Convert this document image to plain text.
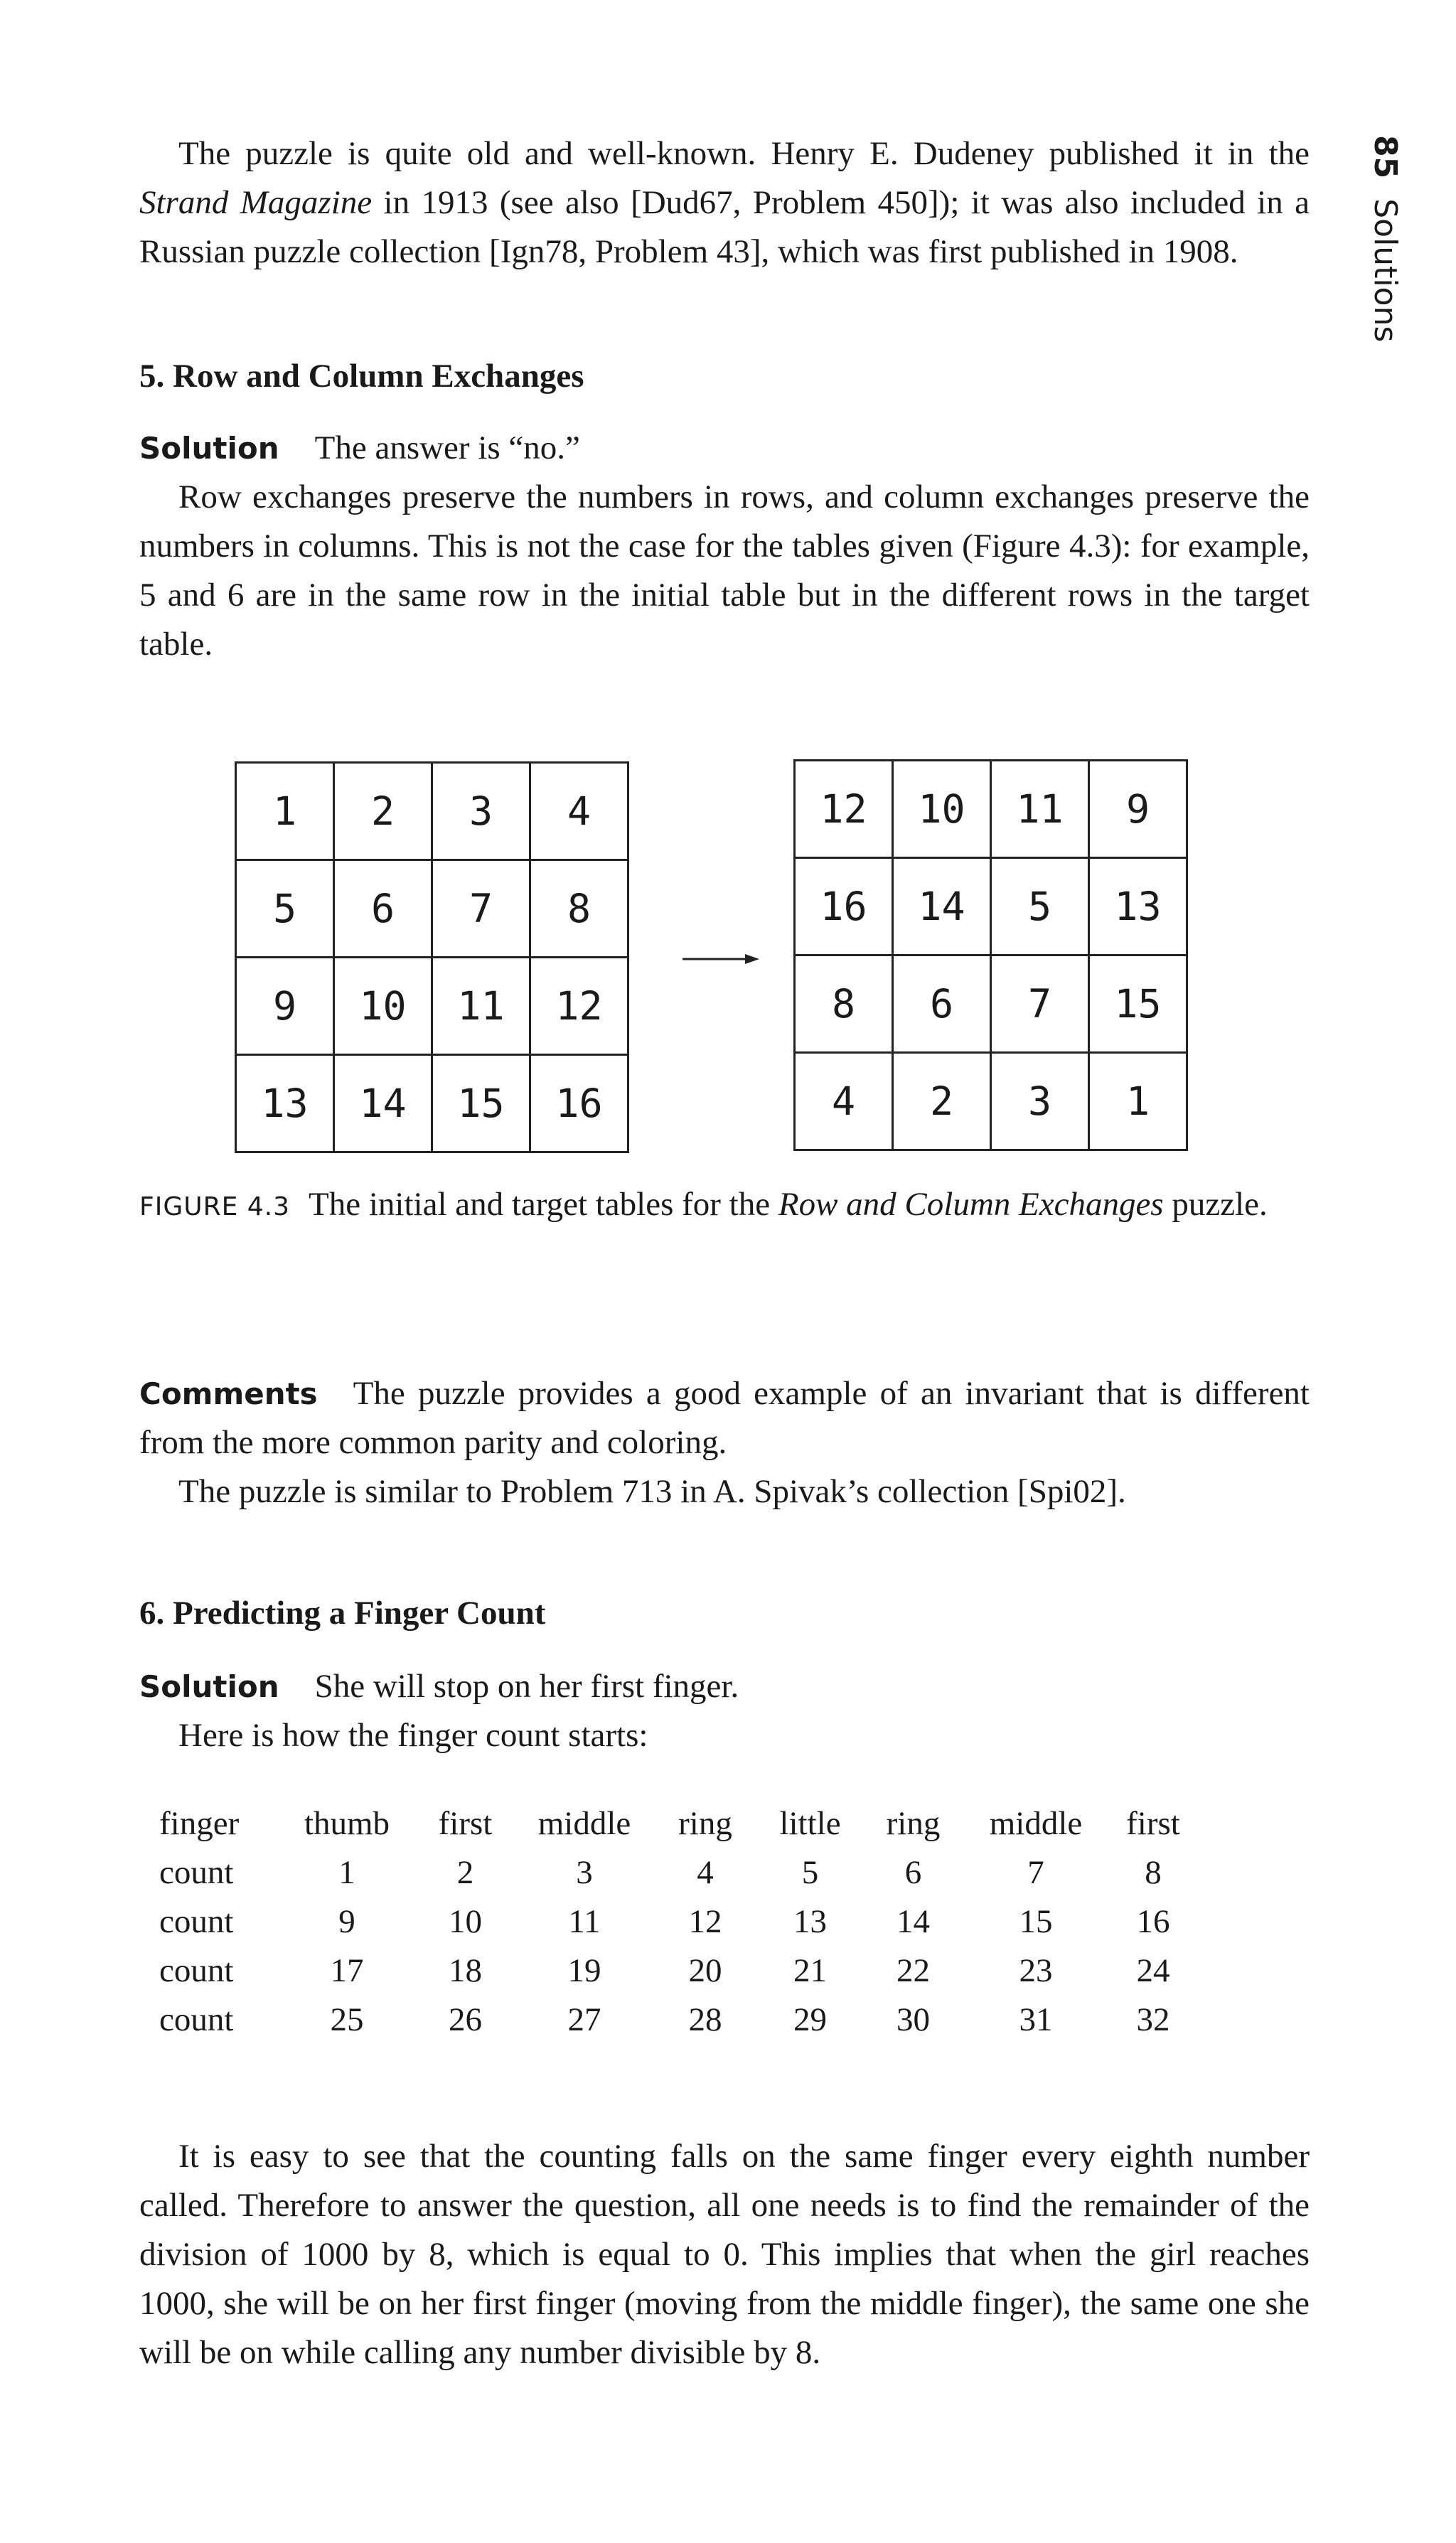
85Solutions

The puzzle is quite old and well-known. Henry E. Dudeney published it in the Strand Magazine in 1913 (see also [Dud67, Problem 450]); it was also included in a Russian puzzle collection [Ign78, Problem 43], which was first published in 1908.

5. Row and Column Exchanges

Solution The answer is “no.”

Row exchanges preserve the numbers in rows, and column exchanges preserve the numbers in columns. This is not the case for the tables given (Figure 4.3): for example, 5 and 6 are in the same row in the initial table but in the different rows in the target table.

1	2	3	4
5	6	7	8
9	10	11	12
13	14	15	16
12	10	11	9
16	14	5	13
8	6	7	15
4	2	3	1
FIGURE 4.3 The initial and target tables for the Row and Column Exchanges puzzle.

Comments The puzzle provides a good example of an invariant that is different from the more common parity and coloring.

The puzzle is similar to Problem 713 in A. Spivak’s collection [Spi02].

6. Predicting a Finger Count

Solution She will stop on her first finger.

Here is how the finger count starts:

finger	thumb	first	middle	ring	little	ring	middle	first
count	1	2	3	4	5	6	7	8
count	9	10	11	12	13	14	15	16
count	17	18	19	20	21	22	23	24
count	25	26	27	28	29	30	31	32

It is easy to see that the counting falls on the same finger every eighth number called. Therefore to answer the question, all one needs is to find the remainder of the division of 1000 by 8, which is equal to 0. This implies that when the girl reaches 1000, she will be on her first finger (moving from the middle finger), the same one she will be on while calling any number divisible by 8.
